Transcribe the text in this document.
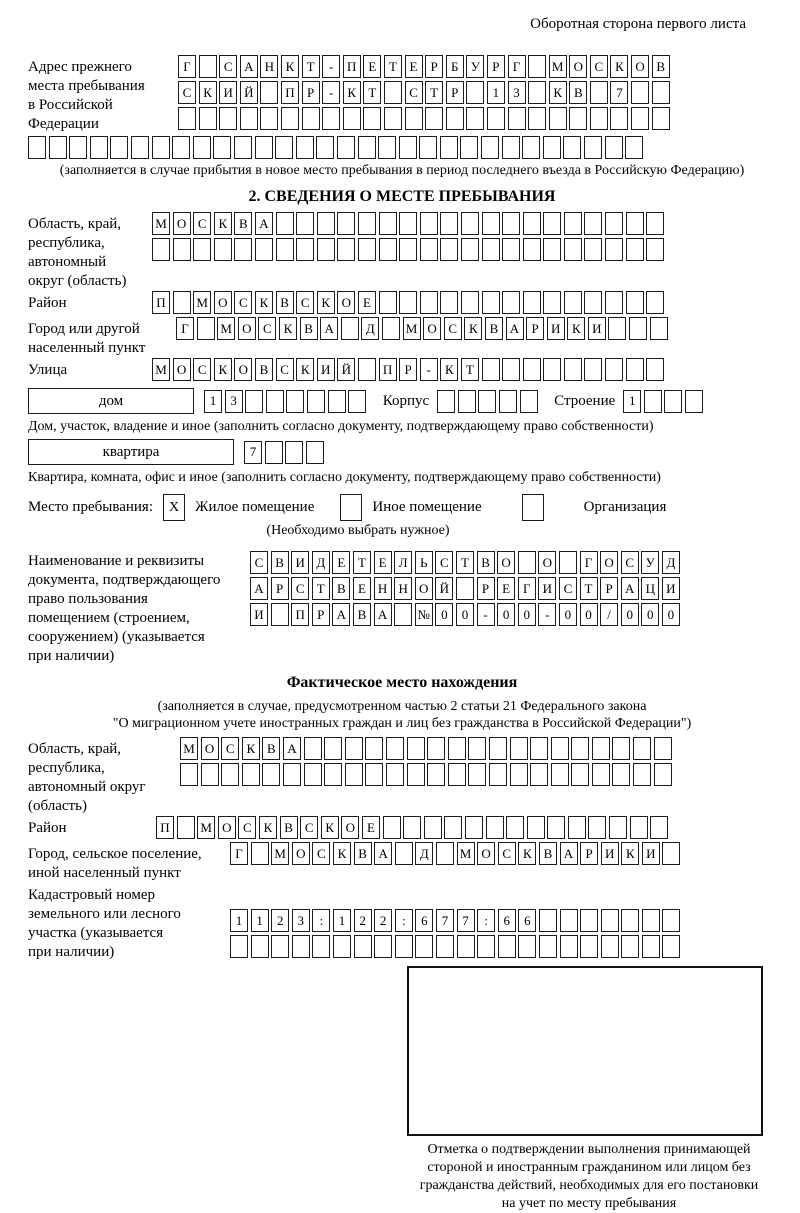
Оборотная сторона первого листа
Адрес прежнего
места пребывания
в Российской
Федерации
Г	С А Н К Т	-	П Е Т Е	Р	Б У Р	Г	М О С К О В
С К И Й	П Р	-	К Т	С Т	Р	1	3	К В	7
(заполняется в случае прибытия в новое место пребывания в период последнего въезда в Российскую Федерацию)
2. СВЕДЕНИЯ О МЕСТЕ ПРЕБЫВАНИЯ
Область, край,
республика,
автономный
округ (область)
М О С К В А
Район	П	М О С К В С К О Е
Город или другой
населенный пункт
Г	М О С К В А	Д	М О С К В А Р И К И
Улица	М О С К О В С К И Й	П Р	-	К Т
дом	1	3	Корпус	Строение	1
Дом, участок, владение и иное (заполнить согласно документу, подтверждающему право собственности)
квартира	7
Квартира, комната, офис и иное (заполнить согласно документу, подтверждающему право собственности)
Место пребывания:	X	Жилое помещение	Иное помещение	Организация
(Необходимо выбрать нужное)
Наименование и реквизиты
документа, подтверждающего
право пользования
помещением (строением,
сооружением) (указывается
при наличии)
С В И Д Е Т Е Л Ь С Т В О	О	Г О С У Д
А Р С Т В Е Н Н О Й	Р	Е Г И С Т	Р А Ц И
И	П Р А В А	№ 0	0	-	0	0	-	0	0	/	0	0	0
Фактическое место нахождения
(заполняется в случае, предусмотренном частью 2 статьи 21 Федерального закона
"О миграционном учете иностранных граждан и лиц без гражданства в Российской Федерации")
Область, край,
республика,
автономный округ
(область)
М О С К В А
Район	П	М О С К В С К О Е
Город, сельское поселение,
иной населенный пункт
Г	М О С К В А	Д	М О С К В А Р И К И
Кадастровый номер
земельного или лесного
участка (указывается
при наличии)
1	1	2	3	:	1	2	2	:	6	7	7	:	6	6
Отметка о подтверждении выполнения принимающей
стороной и иностранным гражданином или лицом без
гражданства действий, необходимых для его постановки
на учет по месту пребывания
